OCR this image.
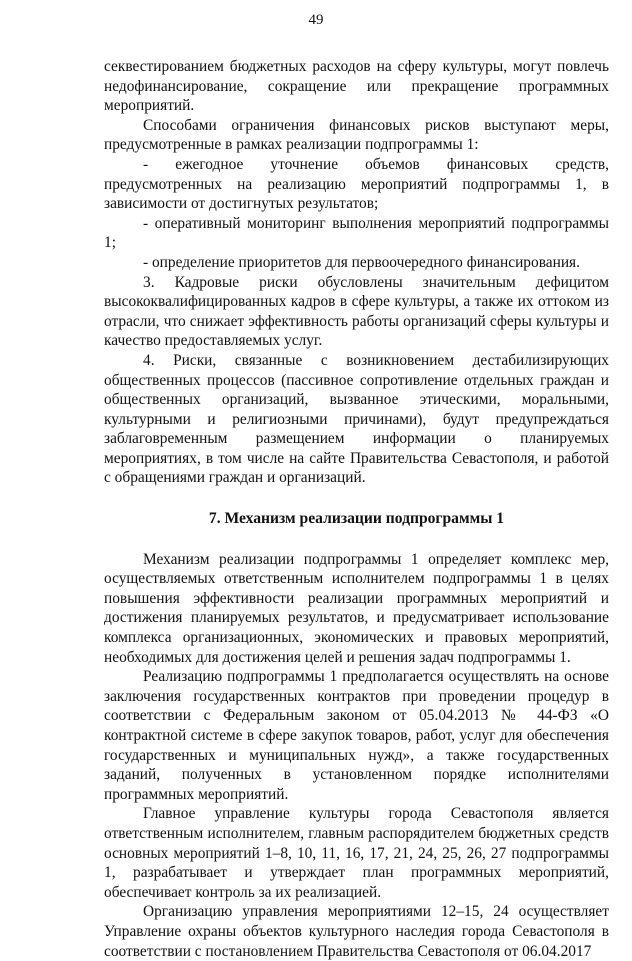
49

секвестированием бюджетных расходов на сферу культуры, могут повлечь недофинансирование, сокращение или прекращение программных мероприятий.

Способами ограничения финансовых рисков выступают меры, предусмотренные в рамках реализации подпрограммы 1:

- ежегодное уточнение объемов финансовых средств, предусмотренных на реализацию мероприятий подпрограммы 1, в зависимости от достигнутых результатов;

- оперативный мониторинг выполнения мероприятий подпрограммы 1;

- определение приоритетов для первоочередного финансирования.

3. Кадровые риски обусловлены значительным дефицитом высококвалифицированных кадров в сфере культуры, а также их оттоком из отрасли, что снижает эффективность работы организаций сферы культуры и качество предоставляемых услуг.

4. Риски, связанные с возникновением дестабилизирующих общественных процессов (пассивное сопротивление отдельных граждан и общественных организаций, вызванное этическими, моральными, культурными и религиозными причинами), будут предупреждаться заблаговременным размещением информации о планируемых мероприятиях, в том числе на сайте Правительства Севастополя, и работой с обращениями граждан и организаций.

7. Механизм реализации подпрограммы 1

Механизм реализации подпрограммы 1 определяет комплекс мер, осуществляемых ответственным исполнителем подпрограммы 1 в целях повышения эффективности реализации программных мероприятий и достижения планируемых результатов, и предусматривает использование комплекса организационных, экономических и правовых мероприятий, необходимых для достижения целей и решения задач подпрограммы 1.

Реализацию подпрограммы 1 предполагается осуществлять на основе заключения государственных контрактов при проведении процедур в соответствии с Федеральным законом от 05.04.2013 № 44-ФЗ «О контрактной системе в сфере закупок товаров, работ, услуг для обеспечения государственных и муниципальных нужд», а также государственных заданий, полученных в установленном порядке исполнителями программных мероприятий.

Главное управление культуры города Севастополя является ответственным исполнителем, главным распорядителем бюджетных средств основных мероприятий 1–8, 10, 11, 16, 17, 21, 24, 25, 26, 27 подпрограммы 1, разрабатывает и утверждает план программных мероприятий, обеспечивает контроль за их реализацией.

Организацию управления мероприятиями 12–15, 24 осуществляет Управление охраны объектов культурного наследия города Севастополя в соответствии с постановлением Правительства Севастополя от 06.04.2017
